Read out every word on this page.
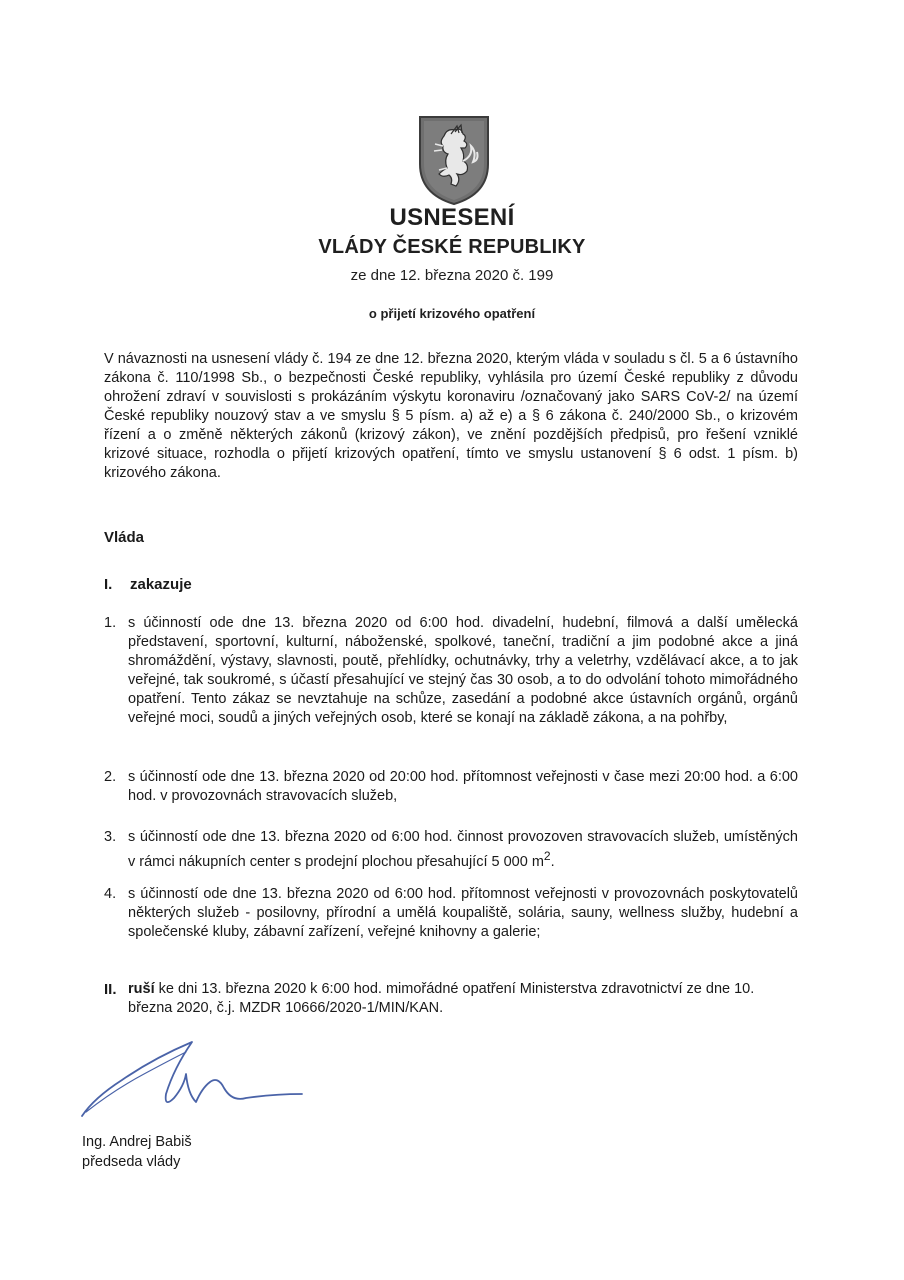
USNESENÍ
VLÁDY ČESKÉ REPUBLIKY
ze dne 12. března 2020 č. 199
o přijetí krizového opatření
V návaznosti na usnesení vlády č. 194 ze dne 12. března 2020, kterým vláda v souladu s čl. 5 a 6 ústavního zákona č. 110/1998 Sb., o bezpečnosti České republiky, vyhlásila pro území České republiky z důvodu ohrožení zdraví v souvislosti s prokázáním výskytu koronaviru /označovaný jako SARS CoV-2/ na území České republiky nouzový stav a ve smyslu § 5 písm. a) až e) a § 6 zákona č. 240/2000 Sb., o krizovém řízení a o změně některých zákonů (krizový zákon), ve znění pozdějších předpisů, pro řešení vzniklé krizové situace, rozhodla o přijetí krizových opatření, tímto ve smyslu ustanovení § 6 odst. 1 písm. b) krizového zákona.
Vláda
I. zakazuje
1. s účinností ode dne 13. března 2020 od 6:00 hod. divadelní, hudební, filmová a další umělecká představení, sportovní, kulturní, náboženské, spolkové, taneční, tradiční a jim podobné akce a jiná shromáždění, výstavy, slavnosti, poutě, přehlídky, ochutnávky, trhy a veletrhy, vzdělávací akce, a to jak veřejné, tak soukromé, s účastí přesahující ve stejný čas 30 osob, a to do odvolání tohoto mimořádného opatření. Tento zákaz se nevztahuje na schůze, zasedání a podobné akce ústavních orgánů, orgánů veřejné moci, soudů a jiných veřejných osob, které se konají na základě zákona, a na pohřby,
2. s účinností ode dne 13. března 2020 od 20:00 hod. přítomnost veřejnosti v čase mezi 20:00 hod. a 6:00 hod. v provozovnách stravovacích služeb,
3. s účinností ode dne 13. března 2020 od 6:00 hod. činnost provozoven stravovacích služeb, umístěných v rámci nákupních center s prodejní plochou přesahující 5 000 $m^2$.
4. s účinností ode dne 13. března 2020 od 6:00 hod. přítomnost veřejnosti v provozovnách poskytovatelů některých služeb - posilovny, přírodní a umělá koupaliště, solária, sauny, wellness služby, hudební a společenské kluby, zábavní zařízení, veřejné knihovny a galerie;
II. ruší ke dni 13. března 2020 k 6:00 hod. mimořádné opatření Ministerstva zdravotnictví ze dne 10. března 2020, č.j. MZDR 10666/2020-1/MIN/KAN.
Ing. Andrej Babiš
předseda vlády
